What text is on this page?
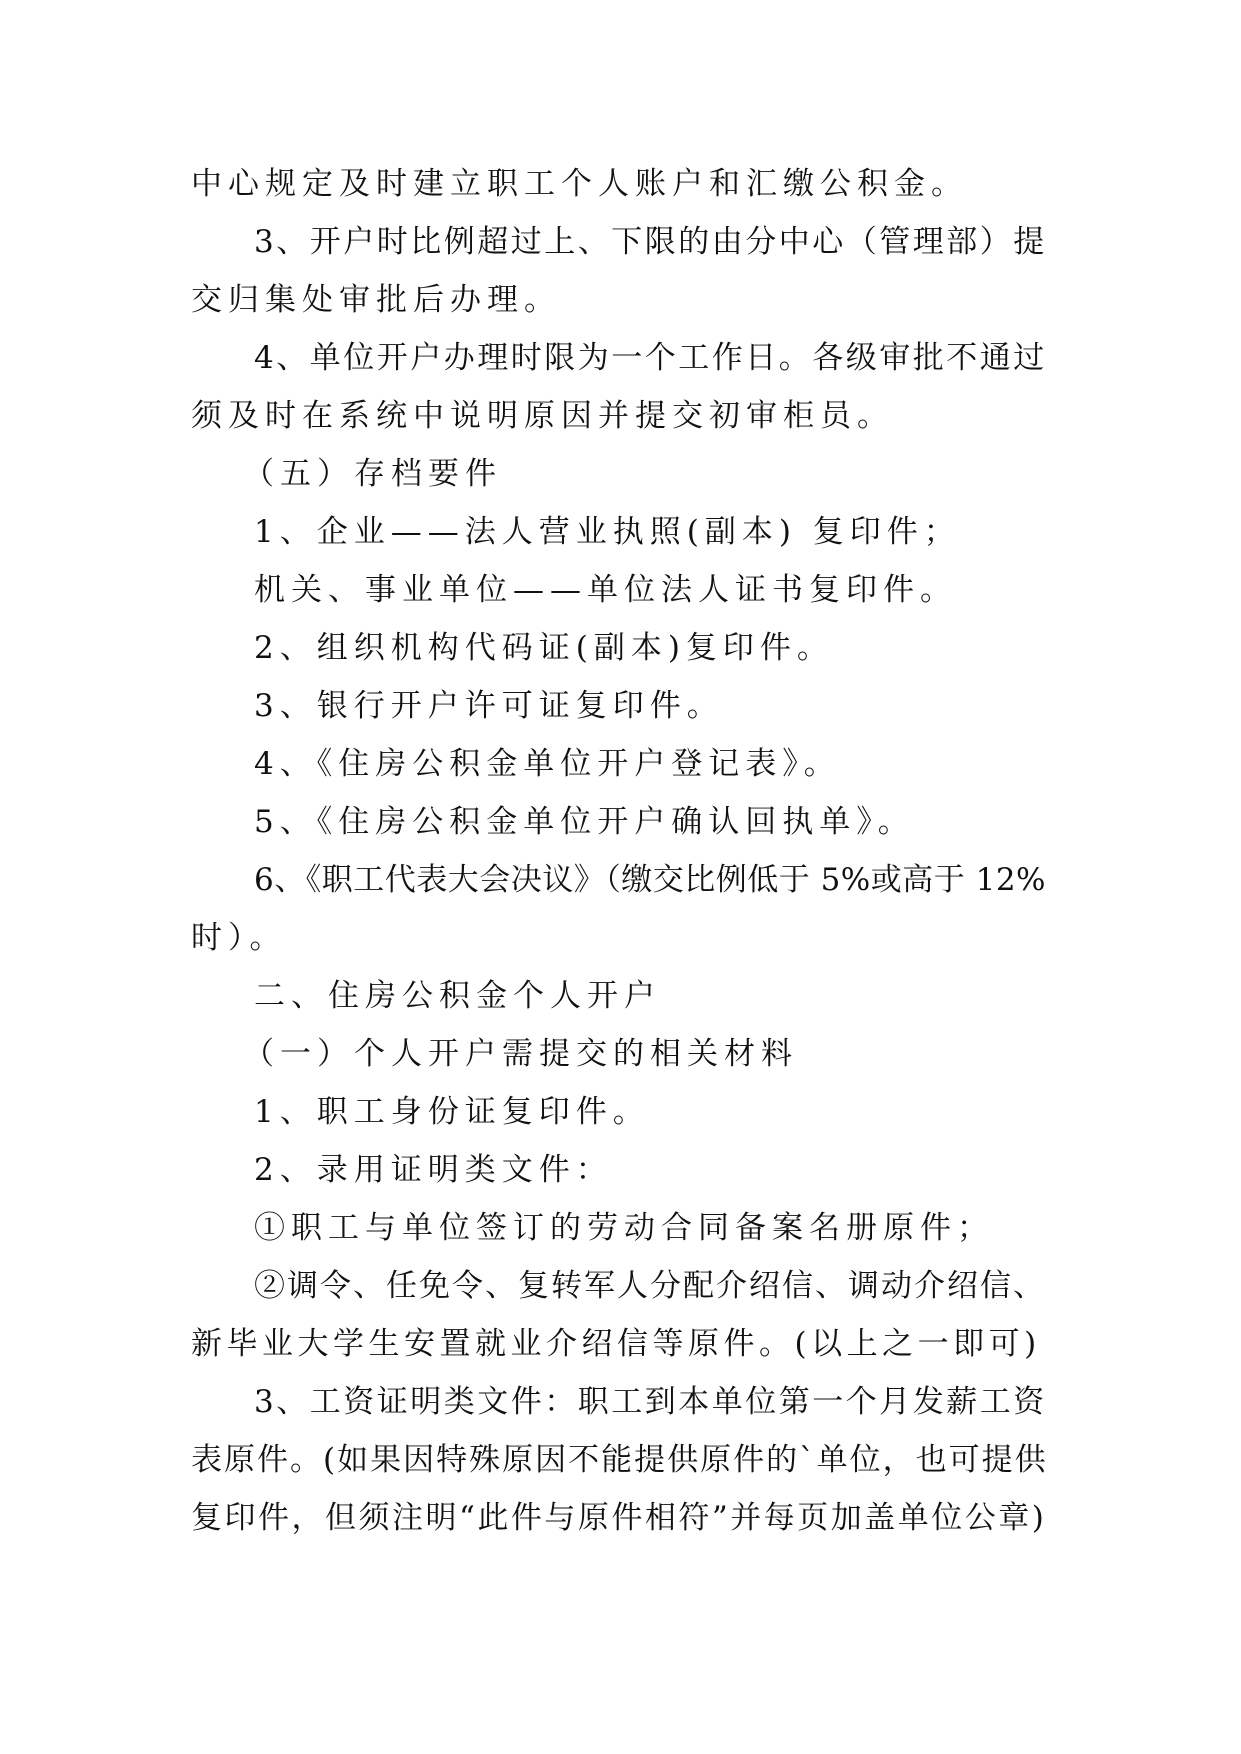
中心规定及时建立职工个人账户和汇缴公积金。
3、开户时比例超过上、下限的由分中心（管理部）提
交归集处审批后办理。
4、单位开户办理时限为一个工作日。各级审批不通过
须及时在系统中说明原因并提交初审柜员。
（五）存档要件
1、企业——法人营业执照(副本) 复印件；
机关、事业单位——单位法人证书复印件。
2、组织机构代码证(副本)复印件。
3、银行开户许可证复印件。
4、《住房公积金单位开户登记表》。
5、《住房公积金单位开户确认回执单》。
6、《职工代表大会决议》（缴交比例低于 5%或高于 12%
时）。
二、住房公积金个人开户
（一）个人开户需提交的相关材料
1、职工身份证复印件。
2、录用证明类文件：
①职工与单位签订的劳动合同备案名册原件；
②调令、任免令、复转军人分配介绍信、调动介绍信、
新毕业大学生安置就业介绍信等原件。(以上之一即可)
3、工资证明类文件：职工到本单位第一个月发薪工资
表原件。(如果因特殊原因不能提供原件的`单位，也可提供
复印件，但须注明“此件与原件相符”并每页加盖单位公章)
